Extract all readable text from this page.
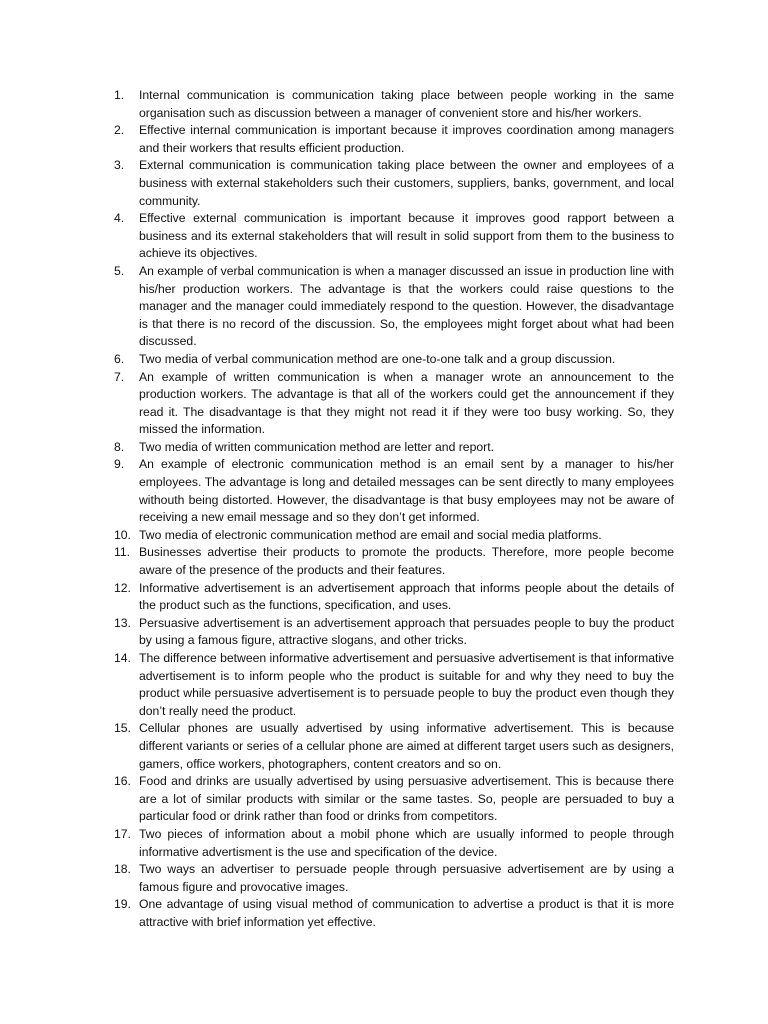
1.	Internal communication is communication taking place between people working in the same organisation such as discussion between a manager of convenient store and his/her workers.
2.	Effective internal communication is important because it improves coordination among managers and their workers that results efficient production.
3.	External communication is communication taking place between the owner and employees of a business with external stakeholders such their customers, suppliers, banks, government, and local community.
4.	Effective external communication is important because it improves good rapport between a business and its external stakeholders that will result in solid support from them to the business to achieve its objectives.
5.	An example of verbal communication is when a manager discussed an issue in production line with his/her production workers. The advantage is that the workers could raise questions to the manager and the manager could immediately respond to the question. However, the disadvantage is that there is no record of the discussion. So, the employees might forget about what had been discussed.
6.	Two media of verbal communication method are one-to-one talk and a group discussion.
7.	An example of written communication is when a manager wrote an announcement to the production workers. The advantage is that all of the workers could get the announcement if they read it. The disadvantage is that they might not read it if they were too busy working. So, they missed the information.
8.	Two media of written communication method are letter and report.
9.	An example of electronic communication method is an email sent by a manager to his/her employees. The advantage is long and detailed messages can be sent directly to many employees withouth being distorted. However, the disadvantage is that busy employees may not be aware of receiving a new email message and so they don’t get informed.
10. Two media of electronic communication method are email and social media platforms.
11. Businesses advertise their products to promote the products. Therefore, more people become aware of the presence of the products and their features.
12. Informative advertisement is an advertisement approach that informs people about the details of the product such as the functions, specification, and uses.
13. Persuasive advertisement is an advertisement approach that persuades people to buy the product by using a famous figure, attractive slogans, and other tricks.
14. The difference between informative advertisement and persuasive advertisement is that informative advertisement is to inform people who the product is suitable for and why they need to buy the product while persuasive advertisement is to persuade people to buy the product even though they don’t really need the product.
15. Cellular phones are usually advertised by using informative advertisement. This is because different variants or series of a cellular phone are aimed at different target users such as designers, gamers, office workers, photographers, content creators and so on.
16. Food and drinks are usually advertised by using persuasive advertisement. This is because there are a lot of similar products with similar or the same tastes. So, people are persuaded to buy a particular food or drink rather than food or drinks from competitors.
17. Two pieces of information about a mobil phone which are usually informed to people through informative advertisment is the use and specification of the device.
18. Two ways an advertiser to persuade people through persuasive advertisement are by using a famous figure and provocative images.
19. One advantage of using visual method of communication to advertise a product is that it is more attractive with brief information yet effective.
